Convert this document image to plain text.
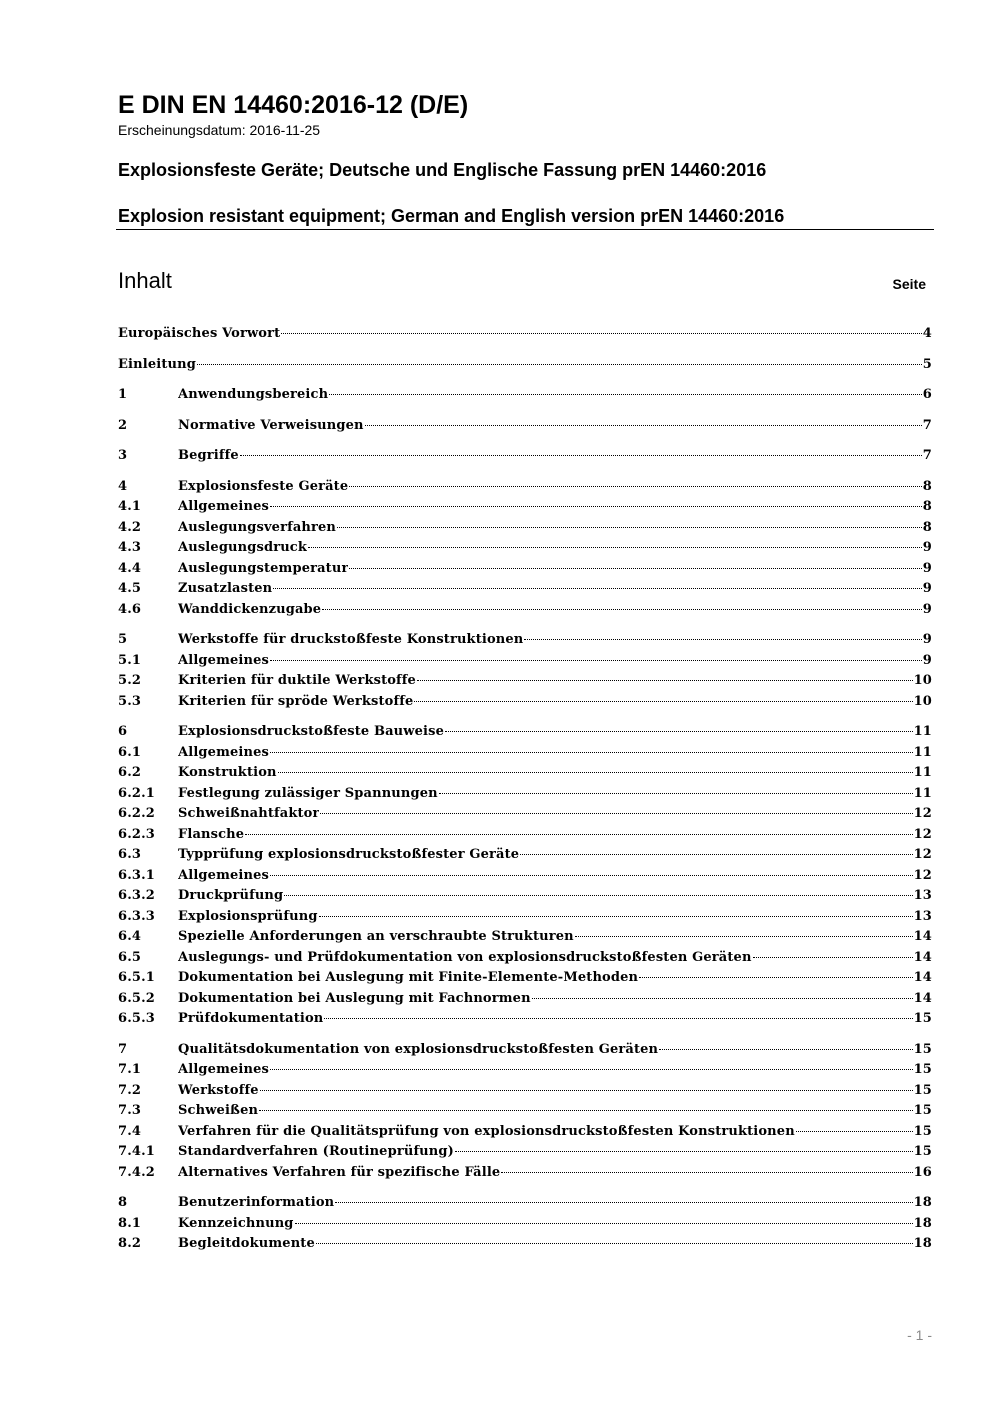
E DIN EN 14460:2016-12 (D/E)
Erscheinungsdatum: 2016-11-25
Explosionsfeste Geräte; Deutsche und Englische Fassung prEN 14460:2016
Explosion resistant equipment; German and English version prEN 14460:2016
Inhalt	Seite
Europäisches Vorwort	4
Einleitung	5
1	Anwendungsbereich	6
2	Normative Verweisungen	7
3	Begriffe	7
4	Explosionsfeste Geräte	8
4.1	Allgemeines	8
4.2	Auslegungsverfahren	8
4.3	Auslegungsdruck	9
4.4	Auslegungstemperatur	9
4.5	Zusatzlasten	9
4.6	Wanddickenzugabe	9
5	Werkstoffe für druckstoßfeste Konstruktionen	9
5.1	Allgemeines	9
5.2	Kriterien für duktile Werkstoffe	10
5.3	Kriterien für spröde Werkstoffe	10
6	Explosionsdruckstoßfeste Bauweise	11
6.1	Allgemeines	11
6.2	Konstruktion	11
6.2.1	Festlegung zulässiger Spannungen	11
6.2.2	Schweißnahtfaktor	12
6.2.3	Flansche	12
6.3	Typprüfung explosionsdruckstoßfester Geräte	12
6.3.1	Allgemeines	12
6.3.2	Druckprüfung	13
6.3.3	Explosionsprüfung	13
6.4	Spezielle Anforderungen an verschraubte Strukturen	14
6.5	Auslegungs- und Prüfdokumentation von explosionsdruckstoßfesten Geräten	14
6.5.1	Dokumentation bei Auslegung mit Finite-Elemente-Methoden	14
6.5.2	Dokumentation bei Auslegung mit Fachnormen	14
6.5.3	Prüfdokumentation	15
7	Qualitätsdokumentation von explosionsdruckstoßfesten Geräten	15
7.1	Allgemeines	15
7.2	Werkstoffe	15
7.3	Schweißen	15
7.4	Verfahren für die Qualitätsprüfung von explosionsdruckstoßfesten Konstruktionen	15
7.4.1	Standardverfahren (Routineprüfung)	15
7.4.2	Alternatives Verfahren für spezifische Fälle	16
8	Benutzerinformation	18
8.1	Kennzeichnung	18
8.2	Begleitdokumente	18
- 1 -
